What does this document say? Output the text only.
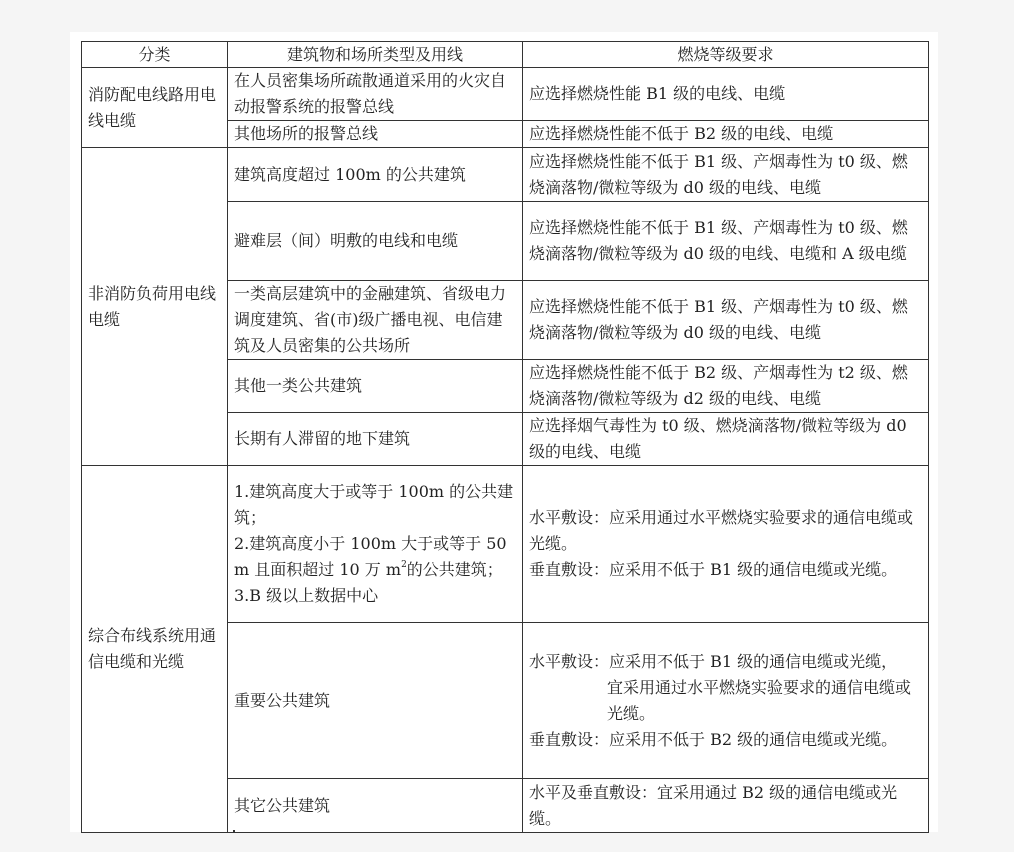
分类	建筑物和场所类型及用线	燃烧等级要求
消防配电线路用电线电缆	在人员密集场所疏散通道采用的火灾自动报警系统的报警总线	应选择燃烧性能 B1 级的电线、电缆
	其他场所的报警总线	应选择燃烧性能不低于 B2 级的电线、电缆
非消防负荷用电线电缆	建筑高度超过 100m 的公共建筑	应选择燃烧性能不低于 B1 级、产烟毒性为 t0 级、燃烧滴落物/微粒等级为 d0 级的电线、电缆
	避难层（间）明敷的电线和电缆	应选择燃烧性能不低于 B1 级、产烟毒性为 t0 级、燃烧滴落物/微粒等级为 d0 级的电线、电缆和 A 级电缆
	一类高层建筑中的金融建筑、省级电力调度建筑、省(市)级广播电视、电信建筑及人员密集的公共场所	应选择燃烧性能不低于 B1 级、产烟毒性为 t0 级、燃烧滴落物/微粒等级为 d0 级的电线、电缆
	其他一类公共建筑	应选择燃烧性能不低于 B2 级、产烟毒性为 t2 级、燃烧滴落物/微粒等级为 d2 级的电线、电缆
	长期有人滞留的地下建筑	应选择烟气毒性为 t0 级、燃烧滴落物/微粒等级为 d0 级的电线、电缆
综合布线系统用通信电缆和光缆	1.建筑高度大于或等于 100m 的公共建筑；
2.建筑高度小于 100m 大于或等于 50m 且面积超过 10 万 $m^2$的公共建筑；
3.B 级以上数据中心	水平敷设：应采用通过水平燃烧实验要求的通信电缆或光缆。
垂直敷设：应采用不低于 B1 级的通信电缆或光缆。

	重要公共建筑	水平敷设：应采用不低于 B1 级的通信电缆或光缆，
宜采用通过水平燃烧实验要求的通信电缆或光缆。
垂直敷设：应采用不低于 B2 级的通信电缆或光缆。

	其它公共建筑	水平及垂直敷设：宜采用通过 B2 级的通信电缆或光缆。
